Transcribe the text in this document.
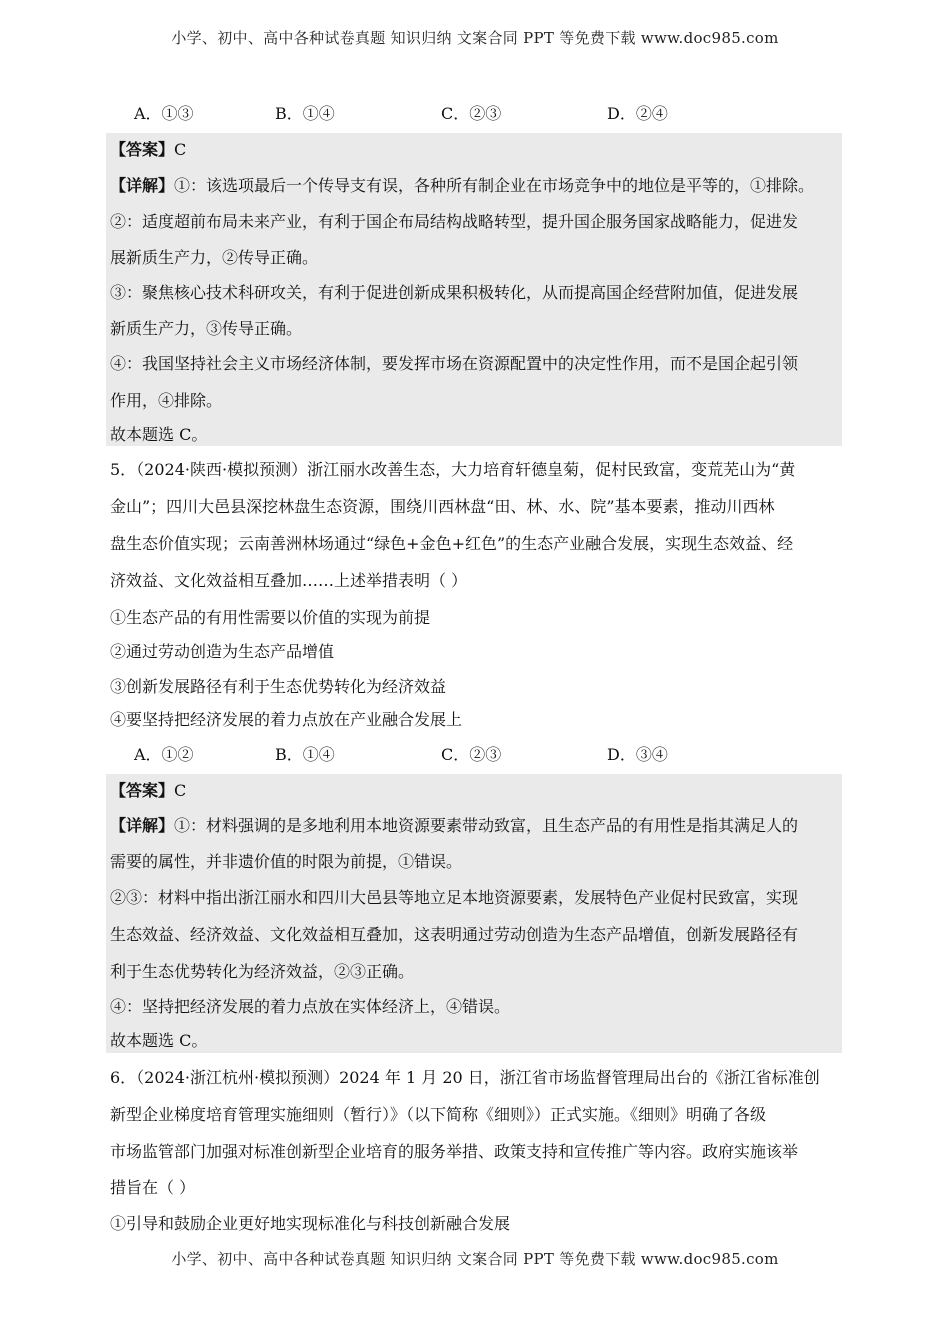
小学、初中、高中各种试卷真题 知识归纳 文案合同 PPT 等免费下载 www.doc985.com
A．①③	B．①④	C．②③	D．②④
【答案】C
【详解】①：该选项最后一个传导支有误，各种所有制企业在市场竞争中的地位是平等的，①排除。
②：适度超前布局未来产业，有利于国企布局结构战略转型，提升国企服务国家战略能力，促进发
展新质生产力，②传导正确。
③：聚焦核心技术科研攻关，有利于促进创新成果积极转化，从而提高国企经营附加值，促进发展
新质生产力，③传导正确。
④：我国坚持社会主义市场经济体制，要发挥市场在资源配置中的决定性作用，而不是国企起引领
作用，④排除。
故本题选 C。
5．（2024·陕西·模拟预测）浙江丽水改善生态，大力培育轩德皇菊，促村民致富，变荒芜山为“黄
金山”；四川大邑县深挖林盘生态资源，围绕川西林盘“田、林、水、院”基本要素，推动川西林
盘生态价值实现；云南善洲林场通过“绿色+金色+红色”的生态产业融合发展，实现生态效益、经
济效益、文化效益相互叠加……上述举措表明（ ）
①生态产品的有用性需要以价值的实现为前提
②通过劳动创造为生态产品增值
③创新发展路径有利于生态优势转化为经济效益
④要坚持把经济发展的着力点放在产业融合发展上
A．①②	B．①④	C．②③	D．③④
【答案】C
【详解】①：材料强调的是多地利用本地资源要素带动致富，且生态产品的有用性是指其满足人的
需要的属性，并非遗价值的时限为前提，①错误。
②③：材料中指出浙江丽水和四川大邑县等地立足本地资源要素，发展特色产业促村民致富，实现
生态效益、经济效益、文化效益相互叠加，这表明通过劳动创造为生态产品增值，创新发展路径有
利于生态优势转化为经济效益，②③正确。
④：坚持把经济发展的着力点放在实体经济上，④错误。
故本题选 C。
6．（2024·浙江杭州·模拟预测）2024 年 1 月 20 日，浙江省市场监督管理局出台的《浙江省标准创
新型企业梯度培育管理实施细则（暂行）》（以下简称《细则》）正式实施。《细则》明确了各级
市场监管部门加强对标准创新型企业培育的服务举措、政策支持和宣传推广等内容。政府实施该举
措旨在（ ）
①引导和鼓励企业更好地实现标准化与科技创新融合发展
小学、初中、高中各种试卷真题 知识归纳 文案合同 PPT 等免费下载 www.doc985.com
